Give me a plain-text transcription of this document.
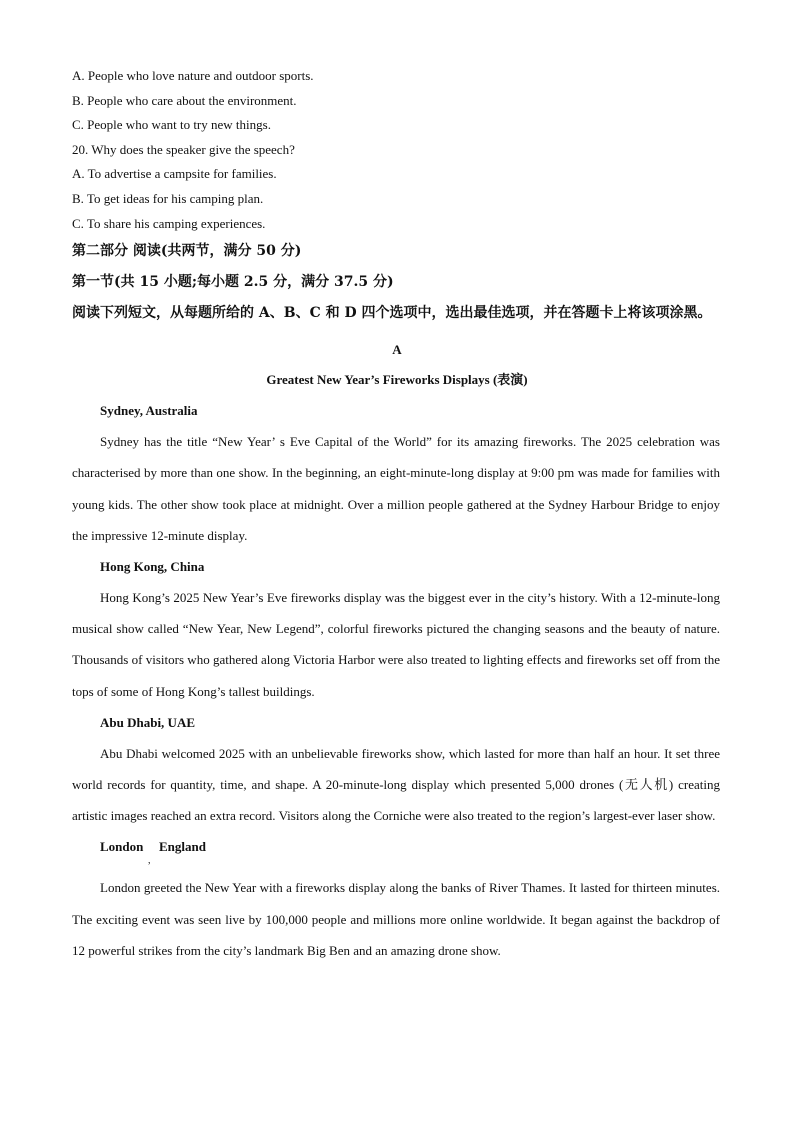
A. People who love nature and outdoor sports.
B. People who care about the environment.
C. People who want to try new things.
20. Why does the speaker give the speech?
A. To advertise a campsite for families.
B. To get ideas for his camping plan.
C. To share his camping experiences.
第二部分 阅读(共两节，满分 50 分)
第一节(共 15 小题;每小题 2.5 分，满分 37.5 分)
阅读下列短文，从每题所给的 A、B、C 和 D 四个选项中，选出最佳选项，并在答题卡上将该项涂黑。
A
Greatest New Year’s Fireworks Displays (表演)
Sydney, Australia
Sydney has the title “New Year’ s Eve Capital of the World” for its amazing fireworks. The 2025 celebration was characterised by more than one show. In the beginning, an eight-minute-long display at 9:00 pm was made for families with young kids. The other show took place at midnight. Over a million people gathered at the Sydney Harbour Bridge to enjoy the impressive 12-minute display.
Hong Kong, China
Hong Kong’s 2025 New Year’s Eve fireworks display was the biggest ever in the city’s history. With a 12-minute-long musical show called “New Year, New Legend”, colorful fireworks pictured the changing seasons and the beauty of nature. Thousands of visitors who gathered along Victoria Harbor were also treated to lighting effects and fireworks set off from the tops of some of Hong Kong’s tallest buildings.
Abu Dhabi, UAE
Abu Dhabi welcomed 2025 with an unbelievable fireworks show, which lasted for more than half an hour. It set three world records for quantity, time, and shape. A 20-minute-long display which presented 5,000 drones (无人机) creating artistic images reached an extra record. Visitors along the Corniche were also treated to the region’s largest-ever laser show.
London
,
England
London greeted the New Year with a fireworks display along the banks of River Thames. It lasted for thirteen minutes. The exciting event was seen live by 100,000 people and millions more online worldwide. It began against the backdrop of 12 powerful strikes from the city’s landmark Big Ben and an amazing drone show.
